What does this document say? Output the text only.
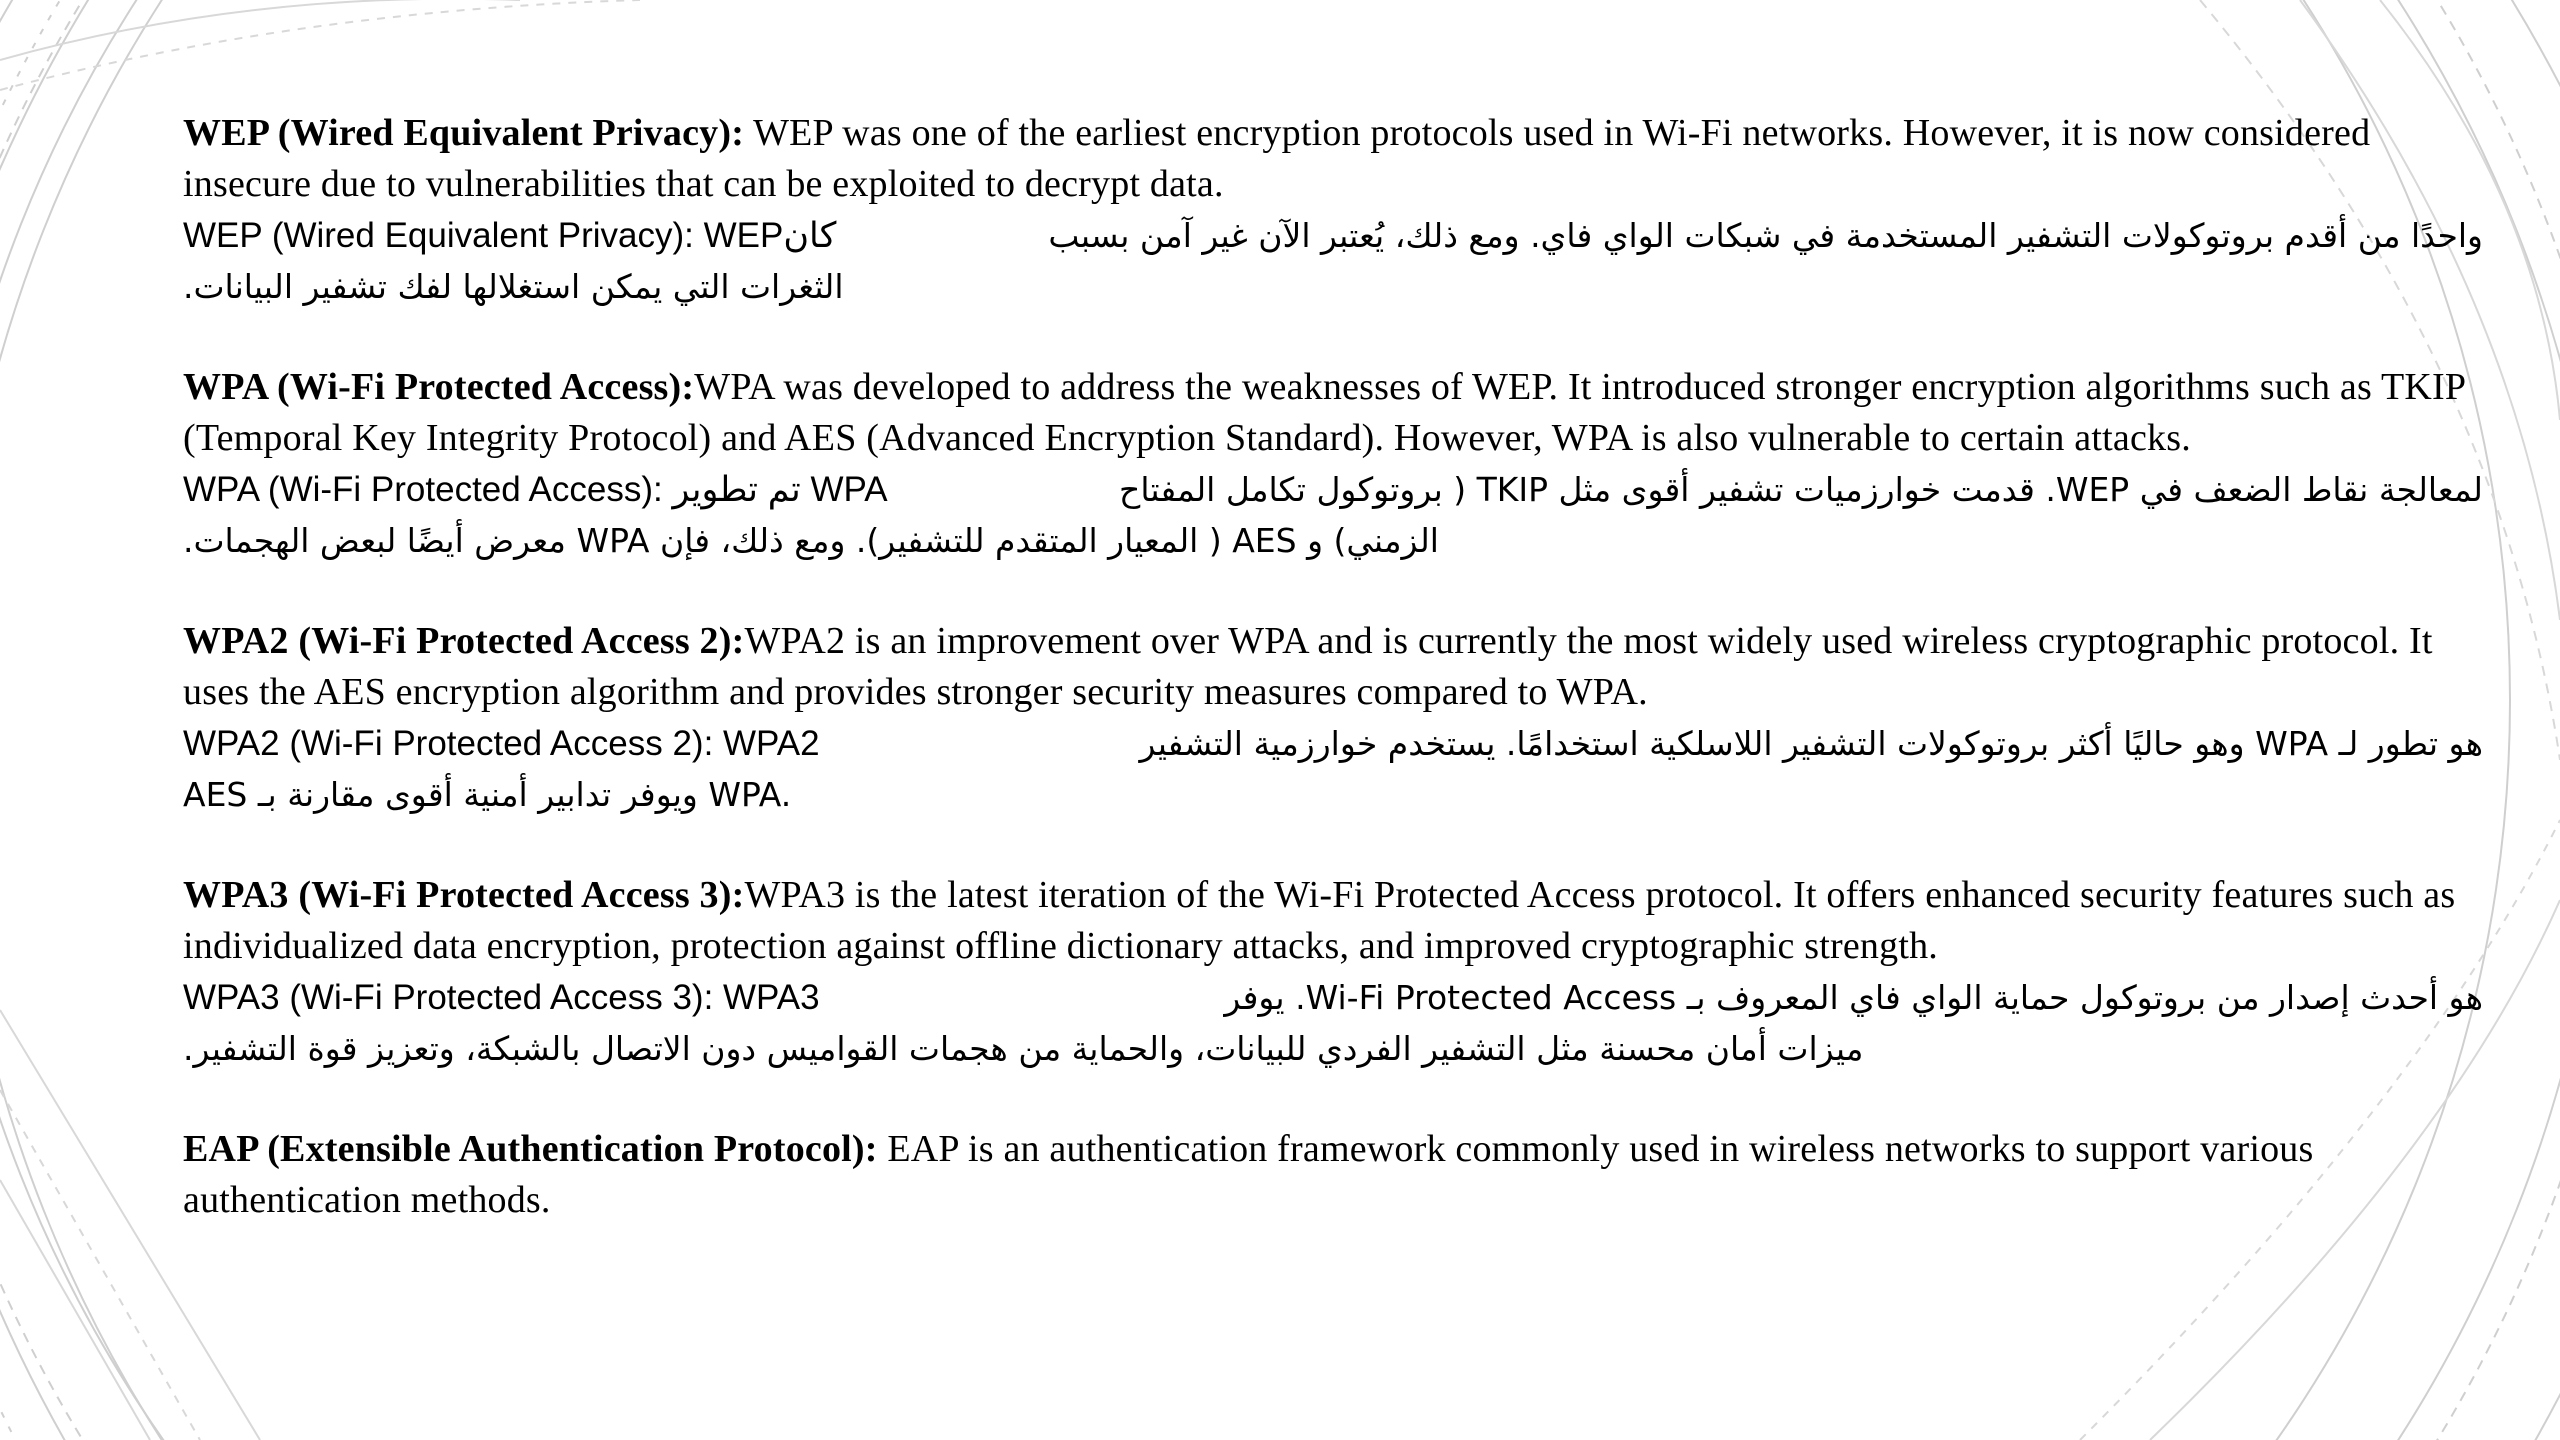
WEP (Wired Equivalent Privacy): WEP was one of the earliest encryption protocols used in Wi-Fi networks. However, it is now considered insecure due to vulnerabilities that can be exploited to decrypt data.

WEP (Wired Equivalent Privacy): WEPكان	واحدًا من أقدم بروتوكولات التشفير المستخدمة في شبكات الواي فاي. ومع ذلك، يُعتبر الآن غير آمن بسبب
الثغرات التي يمكن استغلالها لفك تشفير البيانات.

WPA (Wi-Fi Protected Access):WPA was developed to address the weaknesses of WEP. It introduced stronger encryption algorithms such as TKIP (Temporal Key Integrity Protocol) and AES (Advanced Encryption Standard). However, WPA is also vulnerable to certain attacks.

WPA (Wi-Fi Protected Access): تم تطوير WPA	لمعالجة نقاط الضعف في WEP. قدمت خوارزميات تشفير أقوى مثل TKIP ( بروتوكول تكامل المفتاح
الزمني) و AES ( المعيار المتقدم للتشفير). ومع ذلك، فإن WPA معرض أيضًا لبعض الهجمات.

WPA2 (Wi-Fi Protected Access 2):WPA2 is an improvement over WPA and is currently the most widely used wireless cryptographic protocol. It uses the AES encryption algorithm and provides stronger security measures compared to WPA.

WPA2 (Wi-Fi Protected Access 2): WPA2	هو تطور لـ WPA وهو حاليًا أكثر بروتوكولات التشفير اللاسلكية استخدامًا. يستخدم خوارزمية التشفير
AES ويوفر تدابير أمنية أقوى مقارنة بـ WPA.

WPA3 (Wi-Fi Protected Access 3):WPA3 is the latest iteration of the Wi-Fi Protected Access protocol. It offers enhanced security features such as individualized data encryption, protection against offline dictionary attacks, and improved cryptographic strength.

WPA3 (Wi-Fi Protected Access 3): WPA3	هو أحدث إصدار من بروتوكول حماية الواي فاي المعروف بـ Wi-Fi Protected Access. يوفر
ميزات أمان محسنة مثل التشفير الفردي للبيانات، والحماية من هجمات القواميس دون الاتصال بالشبكة، وتعزيز قوة التشفير.

EAP (Extensible Authentication Protocol): EAP is an authentication framework commonly used in wireless networks to support various authentication methods.
